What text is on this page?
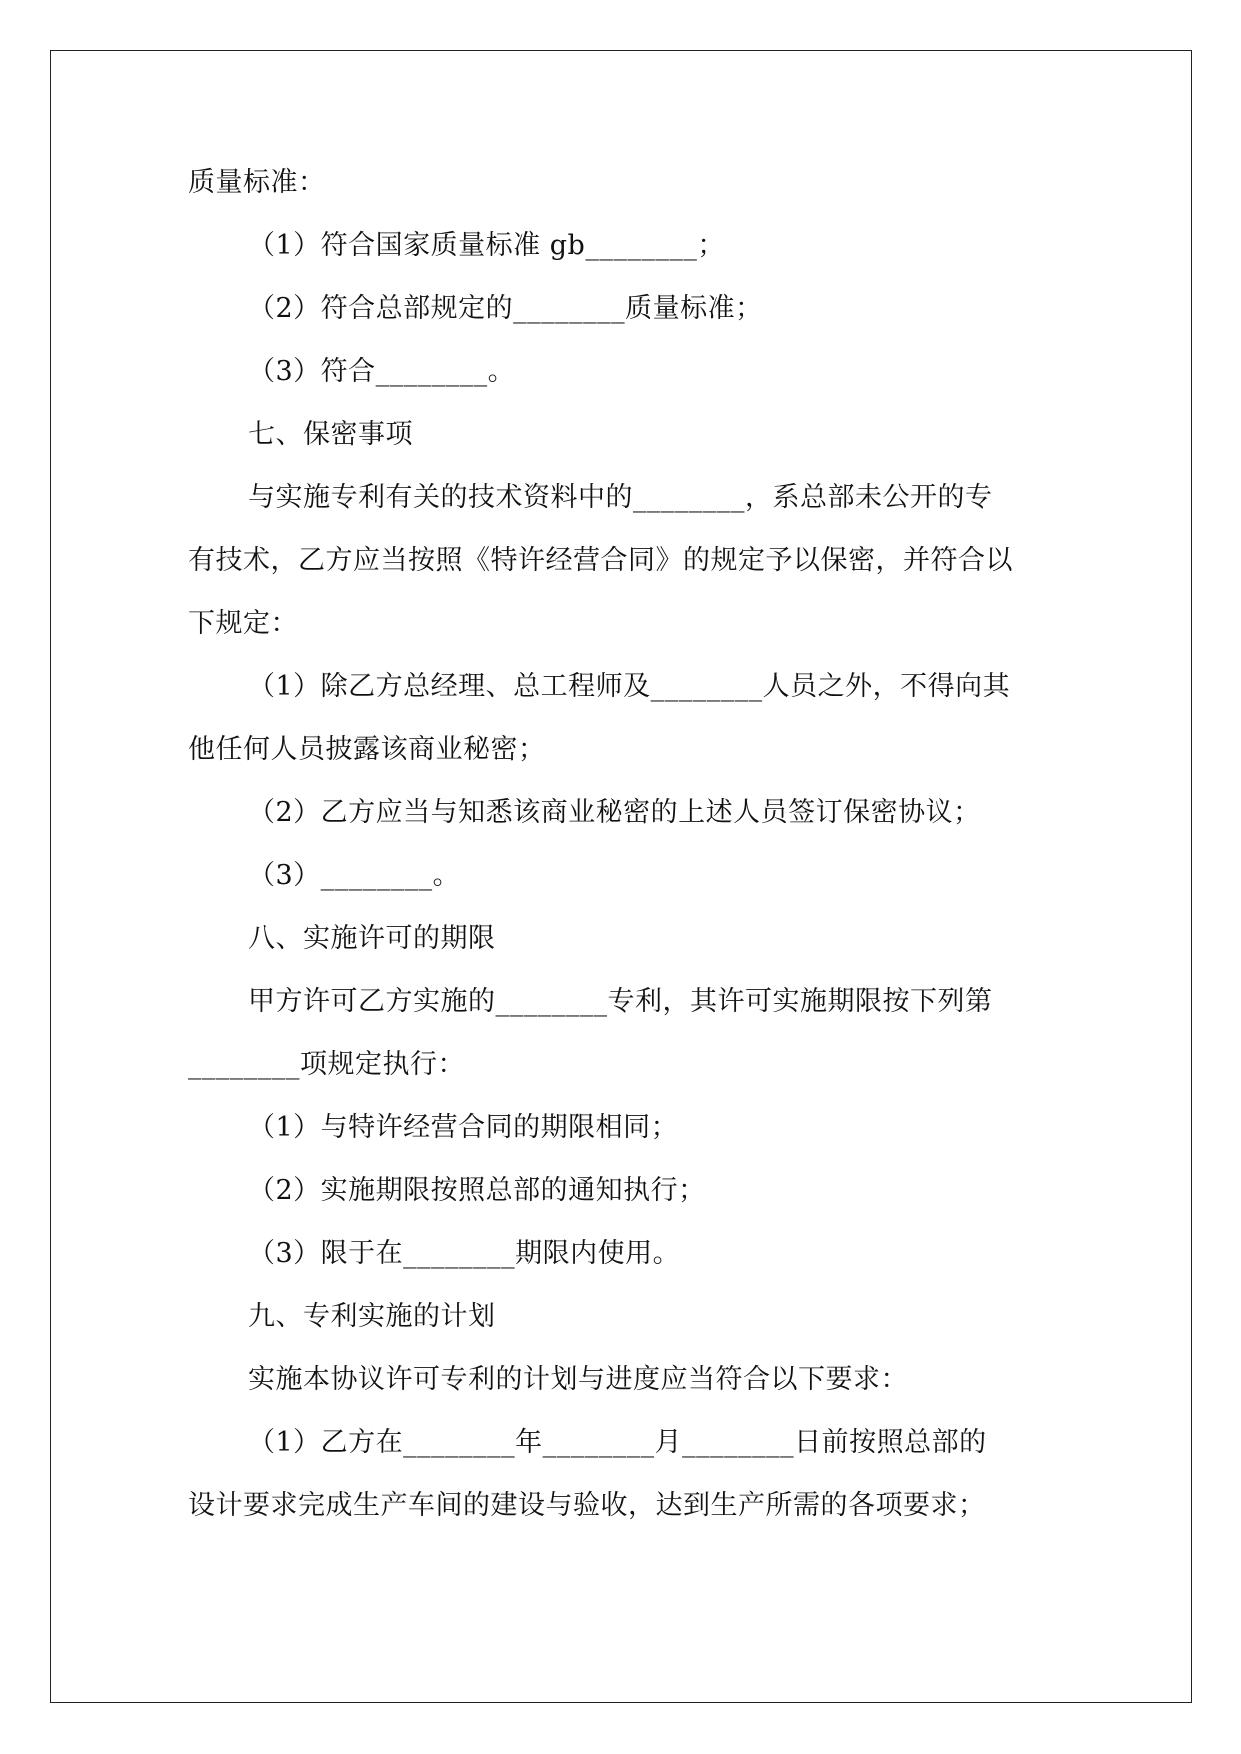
质量标准：
（1）符合国家质量标准 gb________；
（2）符合总部规定的________质量标准；
（3）符合________。
七、保密事项
与实施专利有关的技术资料中的________，系总部未公开的专
有技术，乙方应当按照《特许经营合同》的规定予以保密，并符合以
下规定：
（1）除乙方总经理、总工程师及________人员之外，不得向其
他任何人员披露该商业秘密；
（2）乙方应当与知悉该商业秘密的上述人员签订保密协议；
（3）________。
八、实施许可的期限
甲方许可乙方实施的________专利，其许可实施期限按下列第
________项规定执行：
（1）与特许经营合同的期限相同；
（2）实施期限按照总部的通知执行；
（3）限于在________期限内使用。
九、专利实施的计划
实施本协议许可专利的计划与进度应当符合以下要求：
（1）乙方在________年________月________日前按照总部的
设计要求完成生产车间的建设与验收，达到生产所需的各项要求；
